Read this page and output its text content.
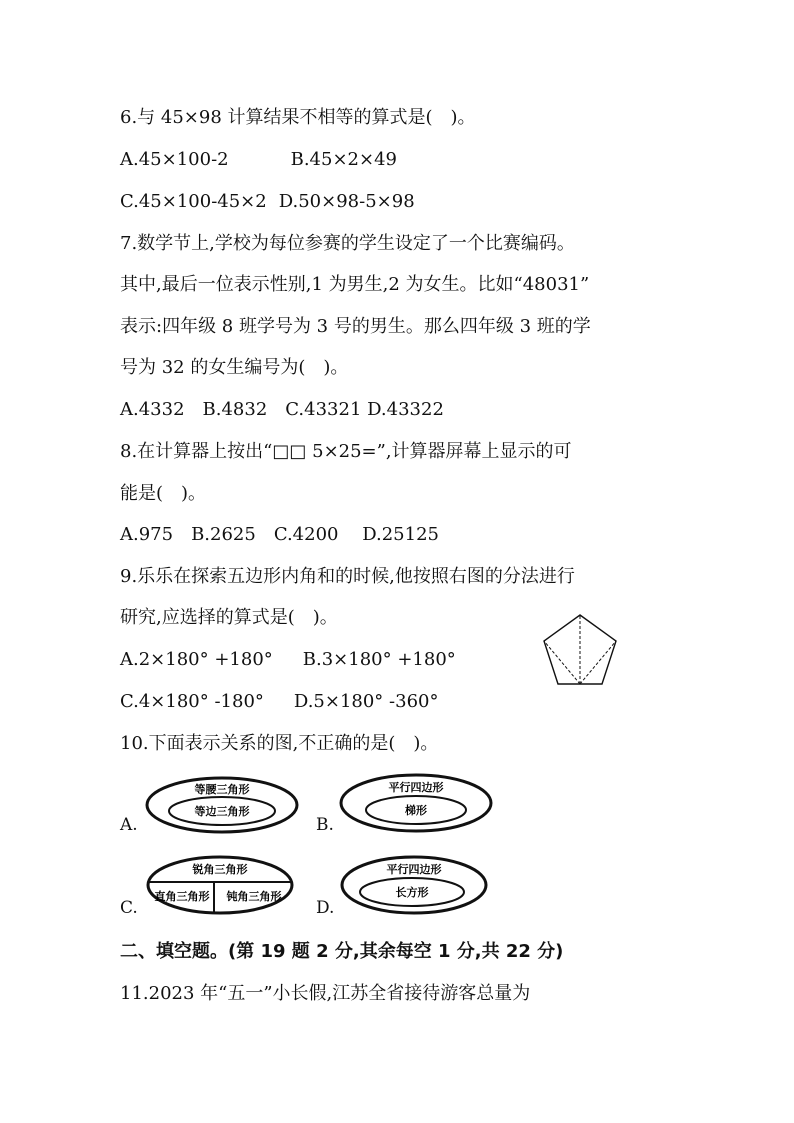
6.与 45×98 计算结果不相等的算式是(　)。
A.45×100-2	B.45×2×49
C.45×100-45×2 D.50×98-5×98
7.数学节上,学校为每位参赛的学生设定了一个比赛编码。
其中,最后一位表示性别,1 为男生,2 为女生。比如“48031”
表示:四年级 8 班学号为 3 号的男生。那么四年级 3 班的学
号为 32 的女生编号为(　)。
A.4332　B.4832　C.43321 D.43322
8.在计算器上按出“□□ 5×25=”,计算器屏幕上显示的可
能是(　)。
A.975　B.2625　C.4200　 D.25125
9.乐乐在探索五边形内角和的时候,他按照右图的分法进行
研究,应选择的算式是(　)。
A.2×180° +180° B.3×180° +180°
C.4×180° -180° D.5×180° -360°
10.下面表示关系的图,不正确的是(　)。
A.
等腰三角形
等边三角形
B.
平行四边形
梯形
C.
锐角三角形
直角三角形 钝角三角形
D.
平行四边形
长方形
二、填空题。(第 19 题 2 分,其余每空 1 分,共 22 分)
11.2023 年“五一”小长假,江苏全省接待游客总量为
